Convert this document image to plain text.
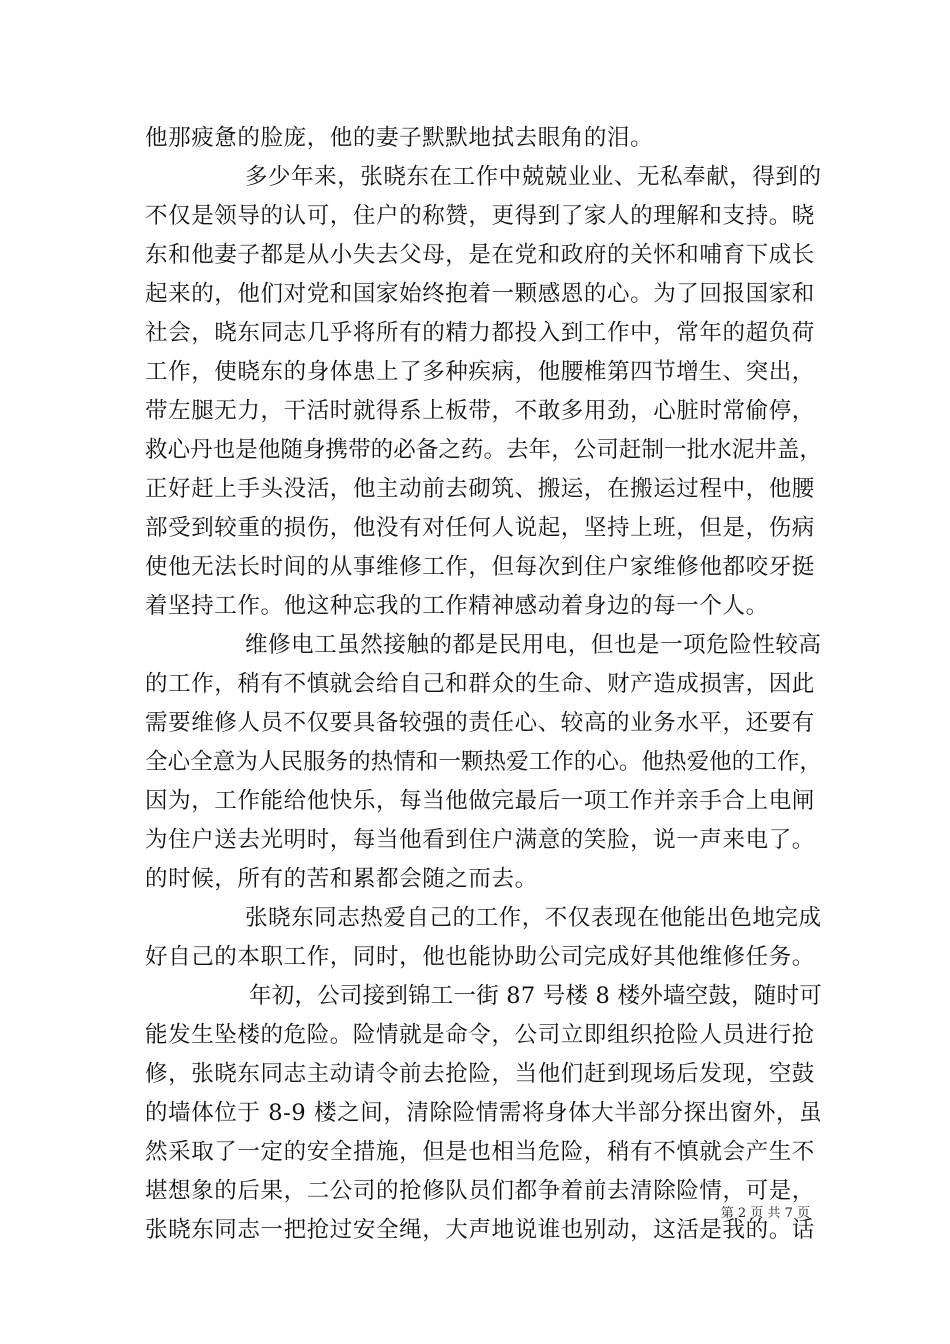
他那疲惫的脸庞，他的妻子默默地拭去眼角的泪。
多少年来，张晓东在工作中兢兢业业、无私奉献，得到的
不仅是领导的认可，住户的称赞，更得到了家人的理解和支持。晓
东和他妻子都是从小失去父母，是在党和政府的关怀和哺育下成长
起来的，他们对党和国家始终抱着一颗感恩的心。为了回报国家和
社会，晓东同志几乎将所有的精力都投入到工作中，常年的超负荷
工作，使晓东的身体患上了多种疾病，他腰椎第四节增生、突出，
带左腿无力，干活时就得系上板带，不敢多用劲，心脏时常偷停，
救心丹也是他随身携带的必备之药。去年，公司赶制一批水泥井盖，
正好赶上手头没活，他主动前去砌筑、搬运，在搬运过程中，他腰
部受到较重的损伤，他没有对任何人说起，坚持上班，但是，伤病
使他无法长时间的从事维修工作，但每次到住户家维修他都咬牙挺
着坚持工作。他这种忘我的工作精神感动着身边的每一个人。
维修电工虽然接触的都是民用电，但也是一项危险性较高
的工作，稍有不慎就会给自己和群众的生命、财产造成损害，因此
需要维修人员不仅要具备较强的责任心、较高的业务水平，还要有
全心全意为人民服务的热情和一颗热爱工作的心。他热爱他的工作，
因为，工作能给他快乐，每当他做完最后一项工作并亲手合上电闸
为住户送去光明时，每当他看到住户满意的笑脸，说一声来电了。
的时候，所有的苦和累都会随之而去。
张晓东同志热爱自己的工作，不仅表现在他能出色地完成
好自己的本职工作，同时，他也能协助公司完成好其他维修任务。
年初，公司接到锦工一街 87 号楼 8 楼外墙空鼓，随时可
能发生坠楼的危险。险情就是命令，公司立即组织抢险人员进行抢
修，张晓东同志主动请令前去抢险，当他们赶到现场后发现，空鼓
的墙体位于 8-9 楼之间，清除险情需将身体大半部分探出窗外，虽
然采取了一定的安全措施，但是也相当危险，稍有不慎就会产生不
堪想象的后果，二公司的抢修队员们都争着前去清除险情，可是，
张晓东同志一把抢过安全绳，大声地说谁也别动，这活是我的。话
第 2 页 共 7 页
